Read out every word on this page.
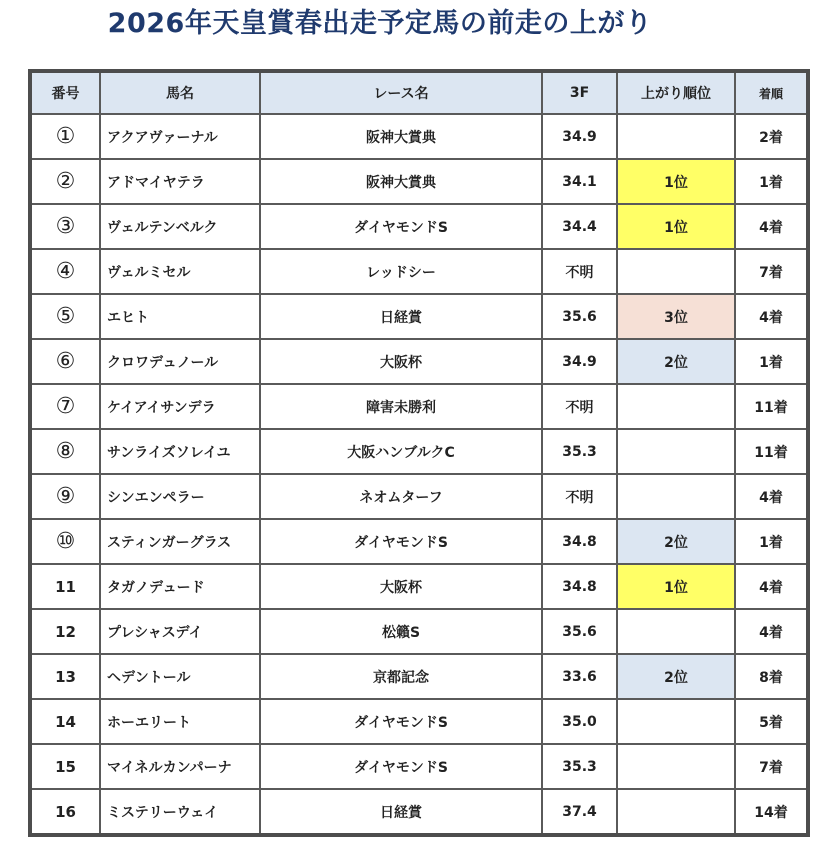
2026年天皇賞春出走予定馬の前走の上がり
番号	馬名	レース名	3F	上がり順位	着順
①	アクアヴァーナル	阪神大賞典	34.9		2着
②	アドマイヤテラ	阪神大賞典	34.1	1位	1着
③	ヴェルテンベルク	ダイヤモンドS	34.4	1位	4着
④	ヴェルミセル	レッドシー	不明		7着
⑤	エヒト	日経賞	35.6	3位	4着
⑥	クロワデュノール	大阪杯	34.9	2位	1着
⑦	ケイアイサンデラ	障害未勝利	不明		11着
⑧	サンライズソレイユ	大阪ハンブルクC	35.3		11着
⑨	シンエンペラー	ネオムターフ	不明		4着
⑩	スティンガーグラス	ダイヤモンドS	34.8	2位	1着
11	タガノデュード	大阪杯	34.8	1位	4着
12	プレシャスデイ	松籟S	35.6		4着
13	ヘデントール	京都記念	33.6	2位	8着
14	ホーエリート	ダイヤモンドS	35.0		5着
15	マイネルカンパーナ	ダイヤモンドS	35.3		7着
16	ミステリーウェイ	日経賞	37.4		14着
